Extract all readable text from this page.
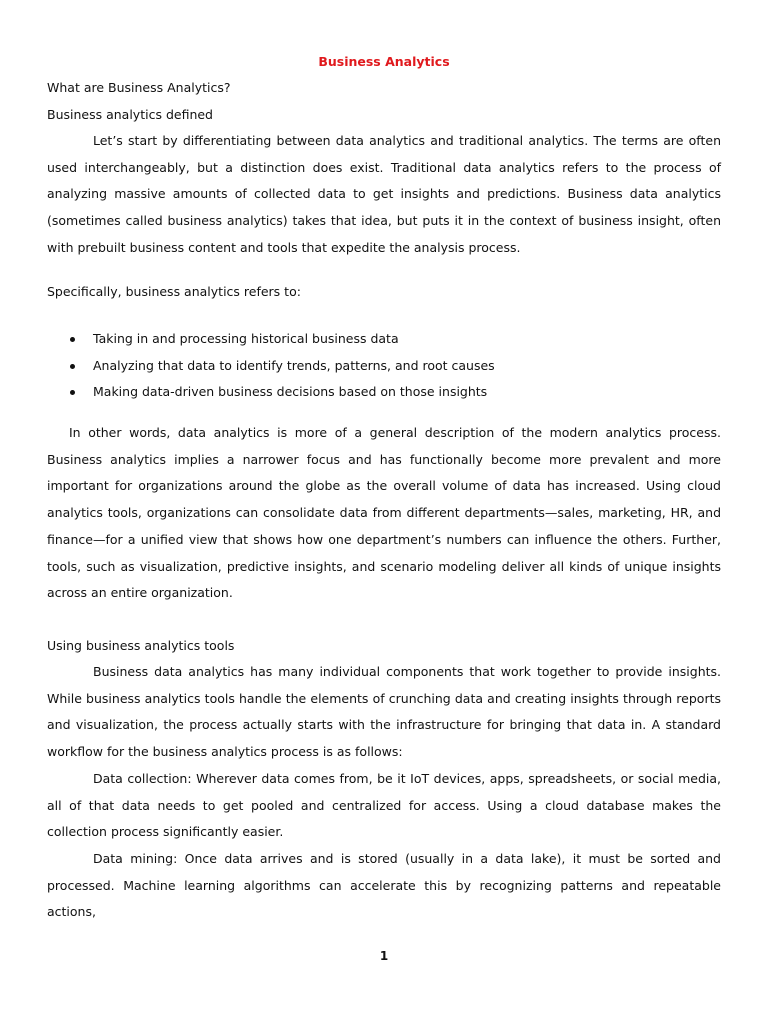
Business Analytics
What are Business Analytics?
Business analytics defined

Let’s start by differentiating between data analytics and traditional analytics. The terms are often used interchangeably, but a distinction does exist. Traditional data analytics refers to the process of analyzing massive amounts of collected data to get insights and predictions. Business data analytics (sometimes called business analytics) takes that idea, but puts it in the context of business insight, often with prebuilt business content and tools that expedite the analysis process.

Specifically, business analytics refers to:
Taking in and processing historical business data
Analyzing that data to identify trends, patterns, and root causes
Making data-driven business decisions based on those insights

In other words, data analytics is more of a general description of the modern analytics process. Business analytics implies a narrower focus and has functionally become more prevalent and more important for organizations around the globe as the overall volume of data has increased. Using cloud analytics tools, organizations can consolidate data from different departments—sales, marketing, HR, and finance—for a unified view that shows how one department’s numbers can influence the others. Further, tools, such as visualization, predictive insights, and scenario modeling deliver all kinds of unique insights across an entire organization.

Using business analytics tools

Business data analytics has many individual components that work together to provide insights. While business analytics tools handle the elements of crunching data and creating insights through reports and visualization, the process actually starts with the infrastructure for bringing that data in. A standard workflow for the business analytics process is as follows:

Data collection: Wherever data comes from, be it IoT devices, apps, spreadsheets, or social media, all of that data needs to get pooled and centralized for access. Using a cloud database makes the collection process significantly easier.

Data mining: Once data arrives and is stored (usually in a data lake), it must be sorted and processed. Machine learning algorithms can accelerate this by recognizing patterns and repeatable actions,

1
